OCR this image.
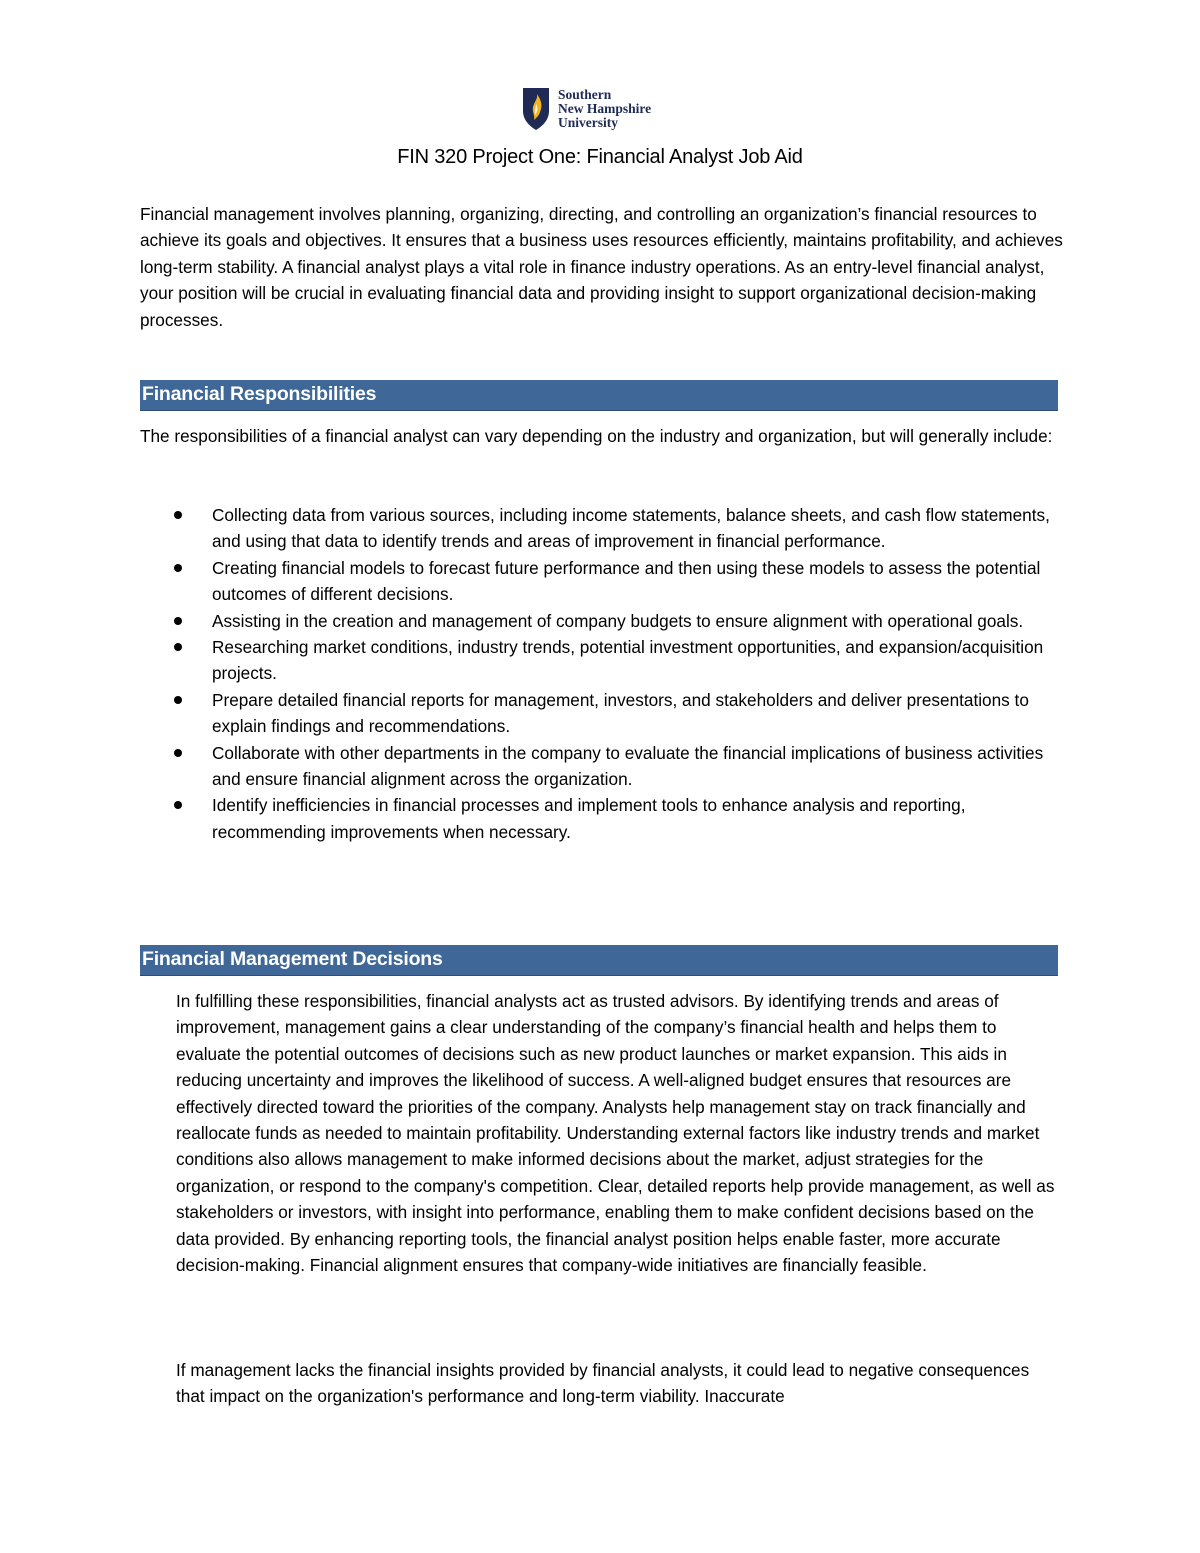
Southern
New Hampshire
University
FIN 320 Project One: Financial Analyst Job Aid

Financial management involves planning, organizing, directing, and controlling an organization’s financial resources to achieve its goals and objectives. It ensures that a business uses resources efficiently, maintains profitability, and achieves long-term stability. A financial analyst plays a vital role in finance industry operations. As an entry-level financial analyst, your position will be crucial in evaluating financial data and providing insight to support organizational decision-making processes.

Financial Responsibilities

The responsibilities of a financial analyst can vary depending on the industry and organization, but will generally include:

Collecting data from various sources, including income statements, balance sheets, and cash flow statements, and using that data to identify trends and areas of improvement in financial performance.
Creating financial models to forecast future performance and then using these models to assess the potential outcomes of different decisions.
Assisting in the creation and management of company budgets to ensure alignment with operational goals.
Researching market conditions, industry trends, potential investment opportunities, and expansion/acquisition projects.
Prepare detailed financial reports for management, investors, and stakeholders and deliver presentations to explain findings and recommendations.
Collaborate with other departments in the company to evaluate the financial implications of business activities and ensure financial alignment across the organization.
Identify inefficiencies in financial processes and implement tools to enhance analysis and reporting, recommending improvements when necessary.
Financial Management Decisions

In fulfilling these responsibilities, financial analysts act as trusted advisors. By identifying trends and areas of improvement, management gains a clear understanding of the company’s financial health and helps them to evaluate the potential outcomes of decisions such as new product launches or market expansion. This aids in reducing uncertainty and improves the likelihood of success. A well-aligned budget ensures that resources are effectively directed toward the priorities of the company. Analysts help management stay on track financially and reallocate funds as needed to maintain profitability. Understanding external factors like industry trends and market conditions also allows management to make informed decisions about the market, adjust strategies for the organization, or respond to the company's competition. Clear, detailed reports help provide management, as well as stakeholders or investors, with insight into performance, enabling them to make confident decisions based on the data provided. By enhancing reporting tools, the financial analyst position helps enable faster, more accurate decision-making. Financial alignment ensures that company-wide initiatives are financially feasible.

If management lacks the financial insights provided by financial analysts, it could lead to negative consequences that impact on the organization's performance and long-term viability. Inaccurate
